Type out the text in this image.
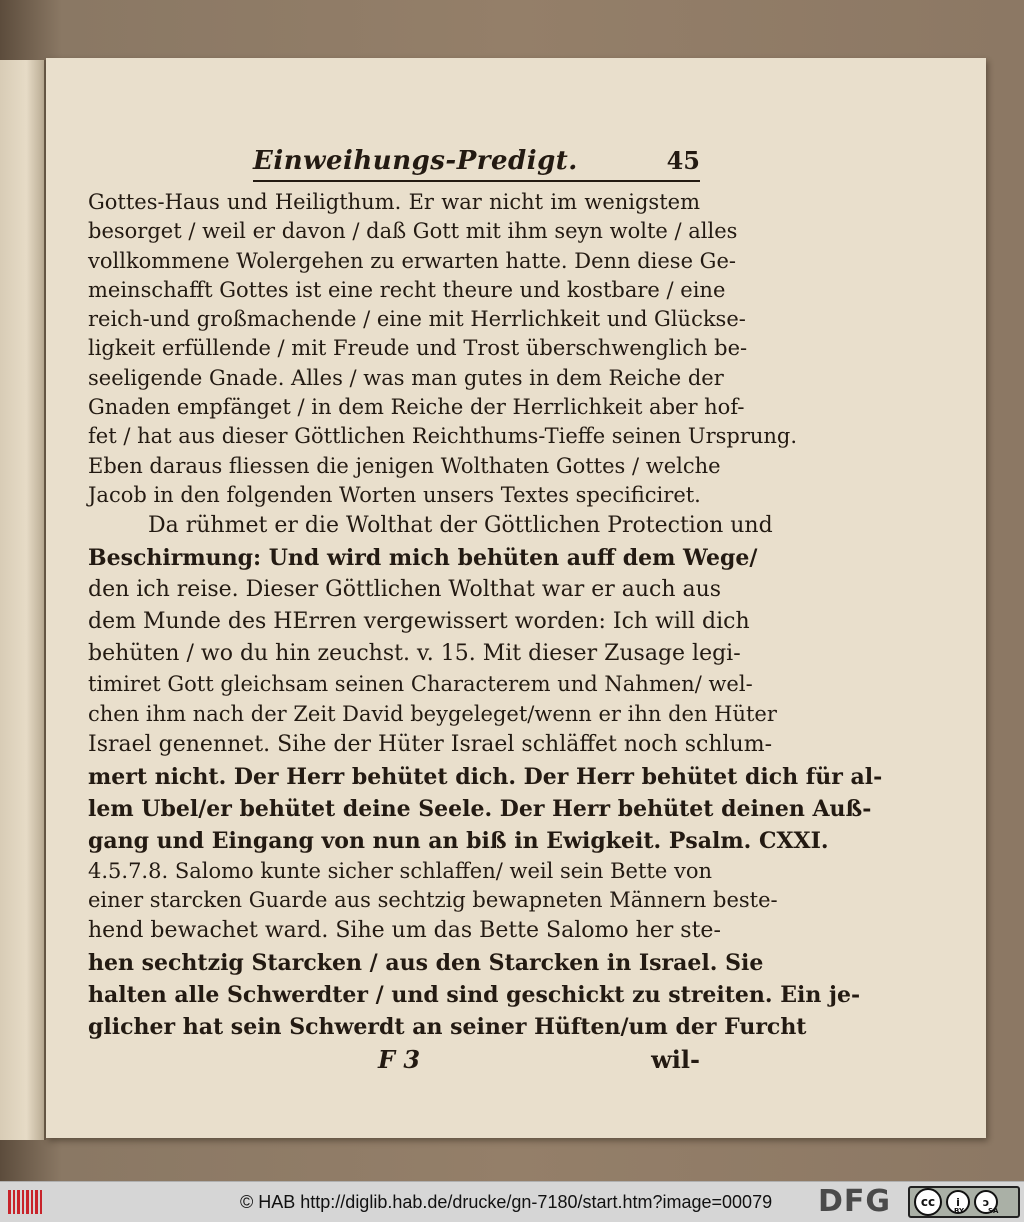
Einweihungs-Predigt.	45
Gottes-Haus und Heiligthum. Er war nicht im wenigstem
besorget / weil er davon / daß Gott mit ihm seyn wolte / alles
vollkommene Wolergehen zu erwarten hatte. Denn diese Ge-
meinschafft Gottes ist eine recht theure und kostbare / eine
reich-und großmachende / eine mit Herrlichkeit und Glückse-
ligkeit erfüllende / mit Freude und Trost überschwenglich be-
seeligende Gnade. Alles / was man gutes in dem Reiche der
Gnaden empfänget / in dem Reiche der Herrlichkeit aber hof-
fet / hat aus dieser Göttlichen Reichthums-Tieffe seinen Ursprung.
Eben daraus fliessen die jenigen Wolthaten Gottes / welche
Jacob in den folgenden Worten unsers Textes specificiret.
Da rühmet er die Wolthat der Göttlichen Protection und
Beschirmung: Und wird mich behüten auff dem Wege/
den ich reise. Dieser Göttlichen Wolthat war er auch aus
dem Munde des HErren vergewissert worden: Ich will dich
behüten / wo du hin zeuchst. v. 15. Mit dieser Zusage legi-
timiret Gott gleichsam seinen Characterem und Nahmen/ wel-
chen ihm nach der Zeit David beygeleget/wenn er ihn den Hüter
Israel genennet. Sihe der Hüter Israel schläffet noch schlum-
mert nicht. Der Herr behütet dich. Der Herr behütet dich für al-
lem Ubel/er behütet deine Seele. Der Herr behütet deinen Auß-
gang und Eingang von nun an biß in Ewigkeit. Psalm. CXXI.
4.5.7.8. Salomo kunte sicher schlaffen/ weil sein Bette von
einer starcken Guarde aus sechtzig bewapneten Männern beste-
hend bewachet ward. Sihe um das Bette Salomo her ste-
hen sechtzig Starcken / aus den Starcken in Israel. Sie
halten alle Schwerdter / und sind geschickt zu streiten. Ein je-
glicher hat sein Schwerdt an seiner Hüften/um der Furcht
F 3	wil-
© HAB http://diglib.hab.de/drucke/gn-7180/start.htm?image=00079 DFG	cc	i	ↄ
BY	SA
